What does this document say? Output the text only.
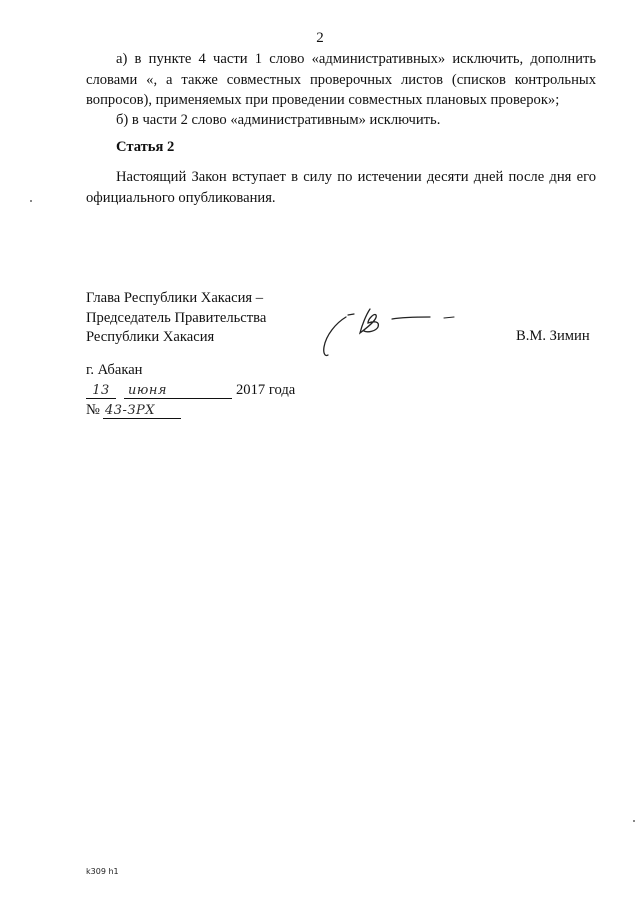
2

а) в пункте 4 части 1 слово «административных» исключить, дополнить словами «, а также совместных проверочных листов (списков контрольных вопросов), применяемых при проведении совместных плановых проверок»;

б) в части 2 слово «административным» исключить.

Статья 2

Настоящий Закон вступает в силу по истечении десяти дней после дня его официального опубликования.

Глава Республики Хакасия –
Председатель Правительства
Республики Хакасия	В.М. Зимин
г. Абакан
13 июня	2017 года
№ 43-ЗРХ
k309 h1
